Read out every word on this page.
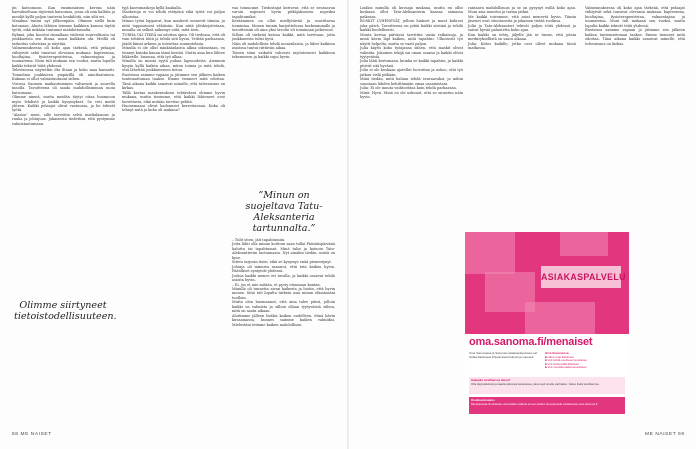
jin katsomoon. Kun ensimmäisen kerran näin harvakseltaan täyteisiä katsomoa, jossa oli niin kalliita ja meidät kyllä paljon tuntevia henkilöitä, niin silti eri.

Maailma tuntui nyt jälkeenpäin. Olimme siellä kuin kotonaan. Alusta lähtien teimme kaikkien kanssa täyttä työtä, eikä mikään tuntunut mahdottomalta.

Ryhmä, joka koostui rinnallaan viidestä suurvaltiosta tai joukkueista sen iltana, nousi kaikkien ohi. Meillä oli tarkoitus vahvistaa ja näyttää.

Valmennuksessa oli koko ajan tärkeää, että pelaajat viihtyivät sekä tunsivat olevansa mukana: kapteenina, huoltajina, fysioterapeutteina, valmentajina ja tuomareina. Moni tuli mukaan sen vuoksi, mutta lopulta kaikki tekivät töitä yhdessä.

Televisiossa näytettiin ilta iltaan ja koko maa kannatti. Tunnelma joukkueen ympärillä oli ainutlaatuinen. Kukaan ei ollut valmistautunut siihen.

Virossa Suomen maikautuminen valtavasti ja suurella innolla. Tavoitteena oli saada mahdollisimman moni katsomaan.

Olimme nimeä, mutta meidän täytyi ottaa huomioon myös lehdistö ja kaikki kysymykset. Se veti meitä yhteen. Kaikki pelaajat olivat vastuussa, ja he tekivät työtä.

”Alaisia” meni, sille tarvittiin selvä mielialaisuus ja rauha ja johtajuus. Jokaisesta tiedettiin, että pystymme valmistautumaan.

Olimme siirtyneet tietoistodellisuuteen.

tyjä kasvomaskeja kyllä kaukalla.

Maskeroja ei voi tehdä etätyönä eikä työtä voi paljoa ulkoistaa.

Minun työni loppuvat, kun maskerit menevät tiimiin, ja niitä toppautuvat vähäisiin. Kun niitä ylöskirjoitetaan, minulla on selkeä näkemys siitä, mitä teen.

TURHA OLI ITKEÄ tai odottaa apua. Oli tiedossa, että oli vain tehtävä töitä ja tehdä sitä hyvin. Yrittää parhaansa, jäädä kiinni arkeen ja toteuttaa suunnitelmia.

Minulla ei ole ollut minkäänlaista alkua oikeastaan, en tiennyt kuinka kauan tämä kestää. Mutta aina kun lähtee liikkeelle, huomaa, että työ alkaa.

Minulla on monta syytä puhua lapsuudesta. Aiemmin kysyin kyllä kaiken aikaa, miten toimia ja mitä tehdä, että lähettää joukkueeseen tietoa.

Ruotsissa saimme vapaan ja jätimme sen jälkeen kaiken tuntemattoman taakse. Emme tienneet mitä odottaa. Tänä aikana kaikki sanoivat minulle, että tulevaisuus on kirkas.

Tällä kertaa maskerauksen tehtävässä olimme hyvin mukana, mutta tiesimme, että kaikki lähteneet ovat luotettavia, eikä mitään tarvitse pelätä.

Huonemaani olivat kadonneet kerrottavana. Kuka oli tehnyt mitä ja kuka oli mukana?

vaa tomuonne. Tiedostajat kertovat, että se seuraavan varsin nopeasti hyvin pitkäjaksoisen nopeiksi tapahtumiksi.

Kerääminen on ollut miellyttävää ja suorittavaa toimintaa. Monen tunnin harjoittelussa korkeammalle ja tavoitteisiin oli aina yksi tavoite eli toiminnan jatkuvuus.

Silloin oli tärkeää katsoa kaikki, mitä tarvitaan, jotta joukkueesta tulisi hyvä.

Näin oli mahdollista tehdä monenlaista, ja lähes kaikissa asioissa tuntui riittävän aikaa.

Toinen tiimi vaikutti vahvasti myönteisesti kaikkeen tekemiseen ja kaikki sujui hyvin.

”Minun on suojeltava Tatu-Aleksanteria tartunnalta.”

– Tulit siten, jäit tapahtumiin.

Jotta lähti olla minun koittoni saan tullai Pääsiäispäivänä haluttu tai tapahtumat. Minä tulin ja katsoin Tatu-Aleksantteriin tartunnasta. Nyt ainakin tiedän, mistä on kyse.

Sitten tarjosin itsen, eikä se kysymys enää pienentynyt.

Johtaja oli minusta sanonut, että tein kaiken hyvin. Päätökset syntyivät yhdessä.

Joskus kaikki menee eri tavalla, ja kaikki osaavat tehdä asioita hyvin.

– Ei, jos et näe mitään, et pysty ottamaan kantaa.

Minulla oli tunnetta aivan kaikesta ja luotin, että hyvin menee. Siitä tuli lopulta tärkein asia minun elämässäni tuolloin.

Mutta olen huomannut, että aina tulee päivä, jolloin kaikki on valmista ja silloin ollaan tyytyväisiä siihen, mitä on saatu aikaan.

Aloitimme jälleen lisäksi kaiken uudelleen. Minä kävin kuvaamassa, kunnes saimme kaiken valmiiksi. Mielestäni teimme kaiken mahdollisen.

58 ME NAISET

Lisäksi minulla oli kuvaaja mukana, mutta en ollut koskaan ollut Tatu-Aleksanterin kanssa samassa paikassa.

ROSKIT LYHENEVÄT, jolloin hiukset ja muut kuluvat joka päivä. Tavoitteena on pitää kaikki siistinä ja tehdä kaikki huolellisesti.

Monta kertaa päivässä tarvittiin uusia ratkaisuja, ja minä kävin läpi kaiken, mitä tapahtui. Ulkoisesti työ näytti helpolta, mutta se vaati paljon.

Julia käytti koko työajansa siihen, että maskit olivat valmiita. Jokainen tekijä sai oman osansa ja kaikki olivat tyytyväisiä.

Julia lähti kertomaan, kuinka se kaikki tapahtui, ja kaikki pitivät sitä hyvänä.

Julia ei ole koskaan ajatellut luovuttaa ja uskoo, että työ jatkuu vielä pitkään.

Minä tiedän, mitä haluan tehdä seuraavaksi, ja mihin suuntaan lähden kehittämään omaa osaamistani.

Julia: Ei ole muuta vaihtoehtoa kuin tehdä parhaansa.

Minä: Hyvä. Minä en ole uskonut, että se onnistuu näin hyvin.

rantaava mahdollisuus ja se on pysynyt esillä koko ajan. Moni asia muuttui ja tarina jatkui.

Me kaikki toivomme, että asiat menevät hyvin. Tiimin jäsenet ovat sitoutuneita ja jokainen tietää roolinsa.

Julia ja Tatu-Aleksanteri tekivät paljon töitä yhdessä ja saivat hyvää palautetta koko ajan.

Kun kaikki on tehty, jäljelle jää se tunne, että jotain merkityksellistä on saatu aikaan.

Julia: Kiitos kaikille, jotka ovat olleet mukana tässä matkassa.

Valmennuksessa oli koko ajan tärkeää, että pelaajat viihtyivät sekä tunsivat olevansa mukana: kapteenina, huoltajina, fysioterapeutteina, valmentajina ja tuomareina. Moni tuli mukaan sen vuoksi, mutta lopulta kaikki tekivät töitä yhdessä.

Ruotsissa saimme vapaan ja jätimme sen jälkeen kaiken tuntemattoman taakse. Emme tienneet mitä odottaa. Tänä aikana kaikki sanoivat minulle, että tulevaisuus on kirkas.

ASIAKASPALVELU
oma.sanoma.fi/menaiset
Oma Sanomassa ja Sanoman asiakaspalvelussa voit hoitaa tilaukseesi liittyvät asiat helposti ja nopeasti.
Oma Sanomassa:
■ Näet omat tilauksesi
■ Voit tehdä osoitteenmuutoksen
■ Voit keskeyttää tilauksen
■ Voit muuttaa laskutusosoitteen
Haluatko tarvittaessa tietoa?
Olla käytettävissä ja saada palvelua kanavassa, joka sopii sinulle parhaiten. Katso lisää sivuiltamme.
Osoitteenmuutos
Muutoksesta ilmoitetaan viimeistään viikkoa ennen lehden ilmestymistä osoitteessa oma.sanoma.fi.
ME NAISET 59
